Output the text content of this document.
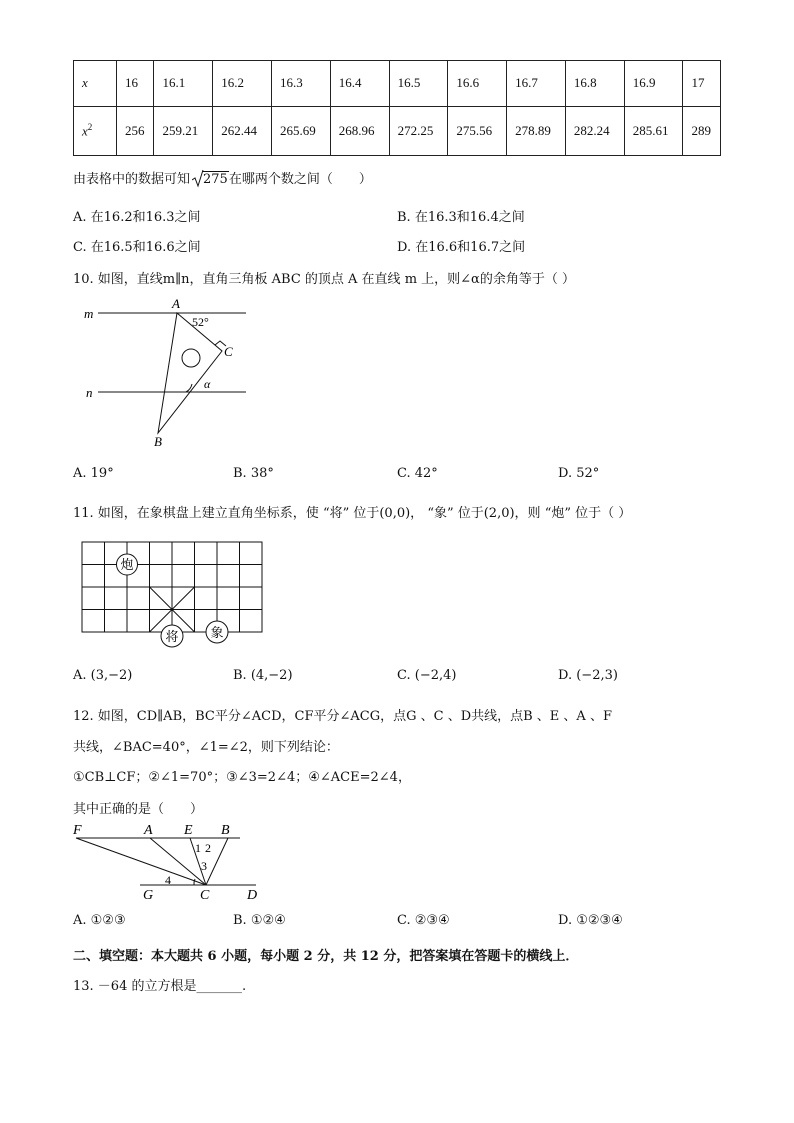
x	16	16.1	16.2	16.3	16.4	16.5	16.6	16.7	16.8	16.9	17
$x^2$	256	259.21	262.44	265.69	268.96	272.25	275.56	278.89	282.24	285.61	289
由表格中的数据可知 275在哪两个数之间（　　）
A. 在16.2和16.3之间	B. 在16.3和16.4之间
C. 在16.5和16.6之间	D. 在16.6和16.7之间
10. 如图，直线m∥n，直角三角板 ABC 的顶点 A 在直线 m 上，则∠α的余角等于（ ）
m
n
A
C
B
52°
α
A. 19°	B. 38°	C. 42°	D. 52°
11. 如图，在象棋盘上建立直角坐标系，使 “将” 位于(0,0)， “象” 位于(2,0)，则 “炮” 位于（ ）
炮
将 象
A. (3,−2)	B. (4,−2)	C. (−2,4)	D. (−2,3)
12. 如图，CD∥AB，BC平分∠ACD，CF平分∠ACG，点G 、C 、D共线，点B 、E 、A 、F
共线，∠BAC=40°，∠1=∠2，则下列结论：
①CB⊥CF；②∠1=70°；③∠3=2∠4；④∠ACE=2∠4，
其中正确的是（　　）
F	A E B
G	C	D
1 2
3
4
A. ①②③	B. ①②④	C. ②③④	D. ①②③④
二、填空题：本大题共 6 小题，每小题 2 分，共 12 分，把答案填在答题卡的横线上．
13. －64 的立方根是_______.
